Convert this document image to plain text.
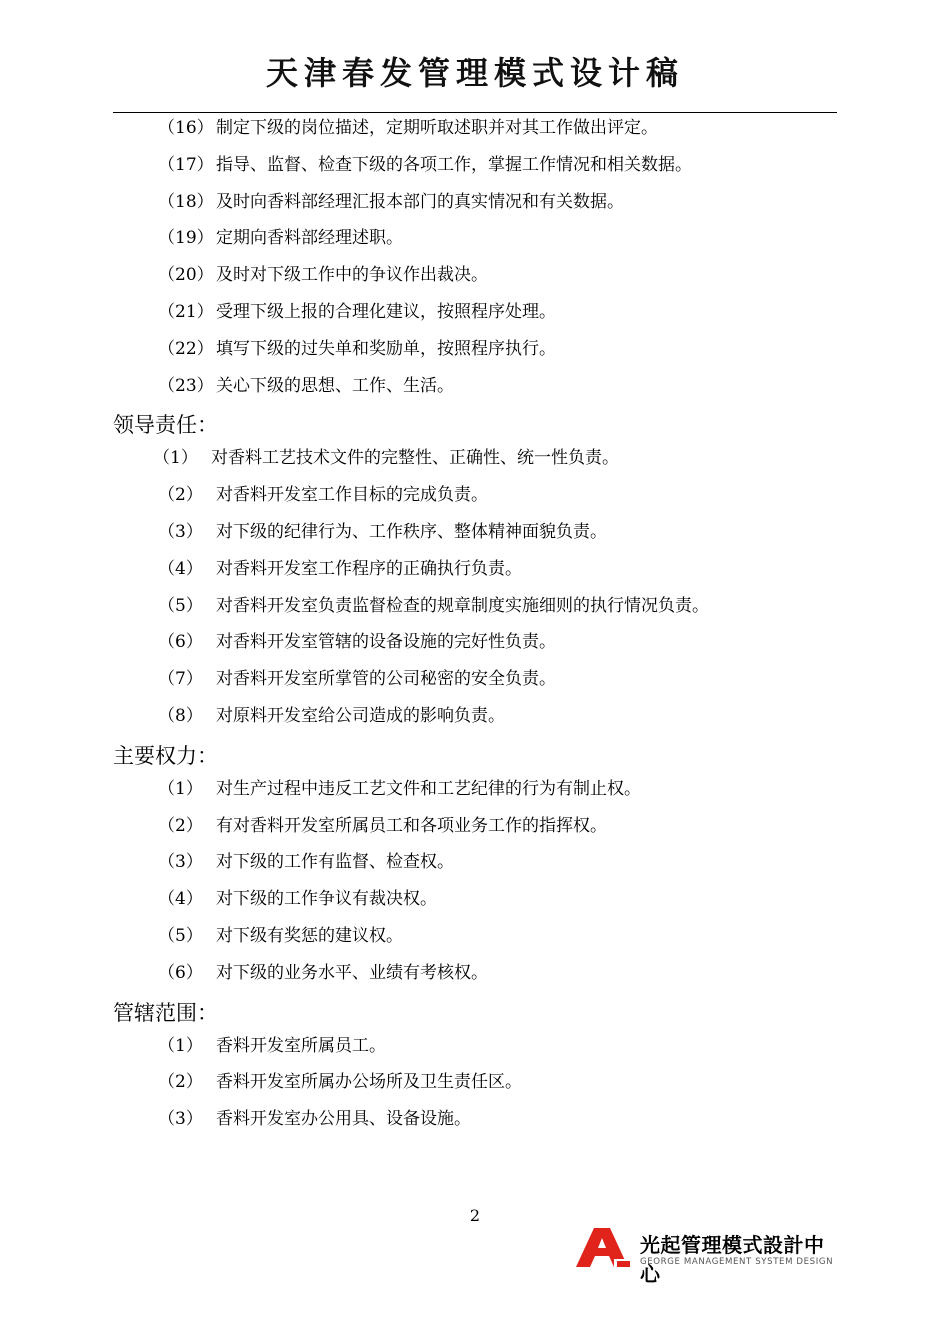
天津春发管理模式设计稿
（16） 制定下级的岗位描述，定期听取述职并对其工作做出评定。
（17） 指导、监督、检查下级的各项工作，掌握工作情况和相关数据。
（18） 及时向香料部经理汇报本部门的真实情况和有关数据。
（19） 定期向香料部经理述职。
（20） 及时对下级工作中的争议作出裁决。
（21） 受理下级上报的合理化建议，按照程序处理。
（22） 填写下级的过失单和奖励单，按照程序执行。
（23） 关心下级的思想、工作、生活。
领导责任：
（1） 对香料工艺技术文件的完整性、正确性、统一性负责。
（2） 对香料开发室工作目标的完成负责。
（3） 对下级的纪律行为、工作秩序、整体精神面貌负责。
（4） 对香料开发室工作程序的正确执行负责。
（5） 对香料开发室负责监督检查的规章制度实施细则的执行情况负责。
（6） 对香料开发室管辖的设备设施的完好性负责。
（7） 对香料开发室所掌管的公司秘密的安全负责。
（8） 对原料开发室给公司造成的影响负责。
主要权力：
（1） 对生产过程中违反工艺文件和工艺纪律的行为有制止权。
（2） 有对香料开发室所属员工和各项业务工作的指挥权。
（3） 对下级的工作有监督、检查权。
（4） 对下级的工作争议有裁决权。
（5） 对下级有奖惩的建议权。
（6） 对下级的业务水平、业绩有考核权。
管辖范围：
（1） 香料开发室所属员工。
（2） 香料开发室所属办公场所及卫生责任区。
（3） 香料开发室办公用具、设备设施。
2
光起管理模式設計中心
GEORGE MANAGEMENT SYSTEM DESIGN
